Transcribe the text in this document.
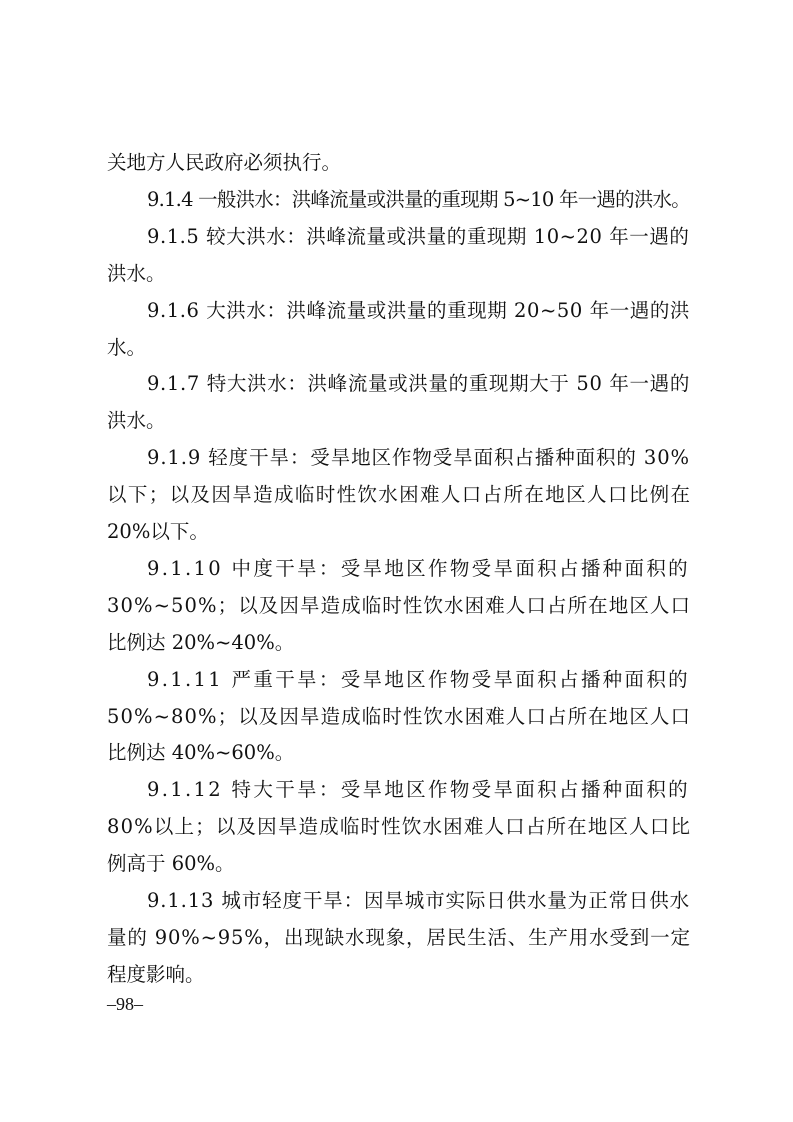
关地方人民政府必须执行。
9.1.4 一般洪水：洪峰流量或洪量的重现期 5~10 年一遇的洪水。
9.1.5 较大洪水：洪峰流量或洪量的重现期 10~20 年一遇的
洪水。
9.1.6 大洪水：洪峰流量或洪量的重现期 20~50 年一遇的洪
水。
9.1.7 特大洪水：洪峰流量或洪量的重现期大于 50 年一遇的
洪水。
9.1.9 轻度干旱：受旱地区作物受旱面积占播种面积的 30%
以下；以及因旱造成临时性饮水困难人口占所在地区人口比例在
20%以下。
9.1.10 中度干旱：受旱地区作物受旱面积占播种面积的
30%~50%；以及因旱造成临时性饮水困难人口占所在地区人口
比例达 20%~40%。
9.1.11 严重干旱：受旱地区作物受旱面积占播种面积的
50%~80%；以及因旱造成临时性饮水困难人口占所在地区人口
比例达 40%~60%。
9.1.12 特大干旱：受旱地区作物受旱面积占播种面积的
80%以上；以及因旱造成临时性饮水困难人口占所在地区人口比
例高于 60%。
9.1.13 城市轻度干旱：因旱城市实际日供水量为正常日供水
量的 90%~95%，出现缺水现象，居民生活、生产用水受到一定
程度影响。
–98–
